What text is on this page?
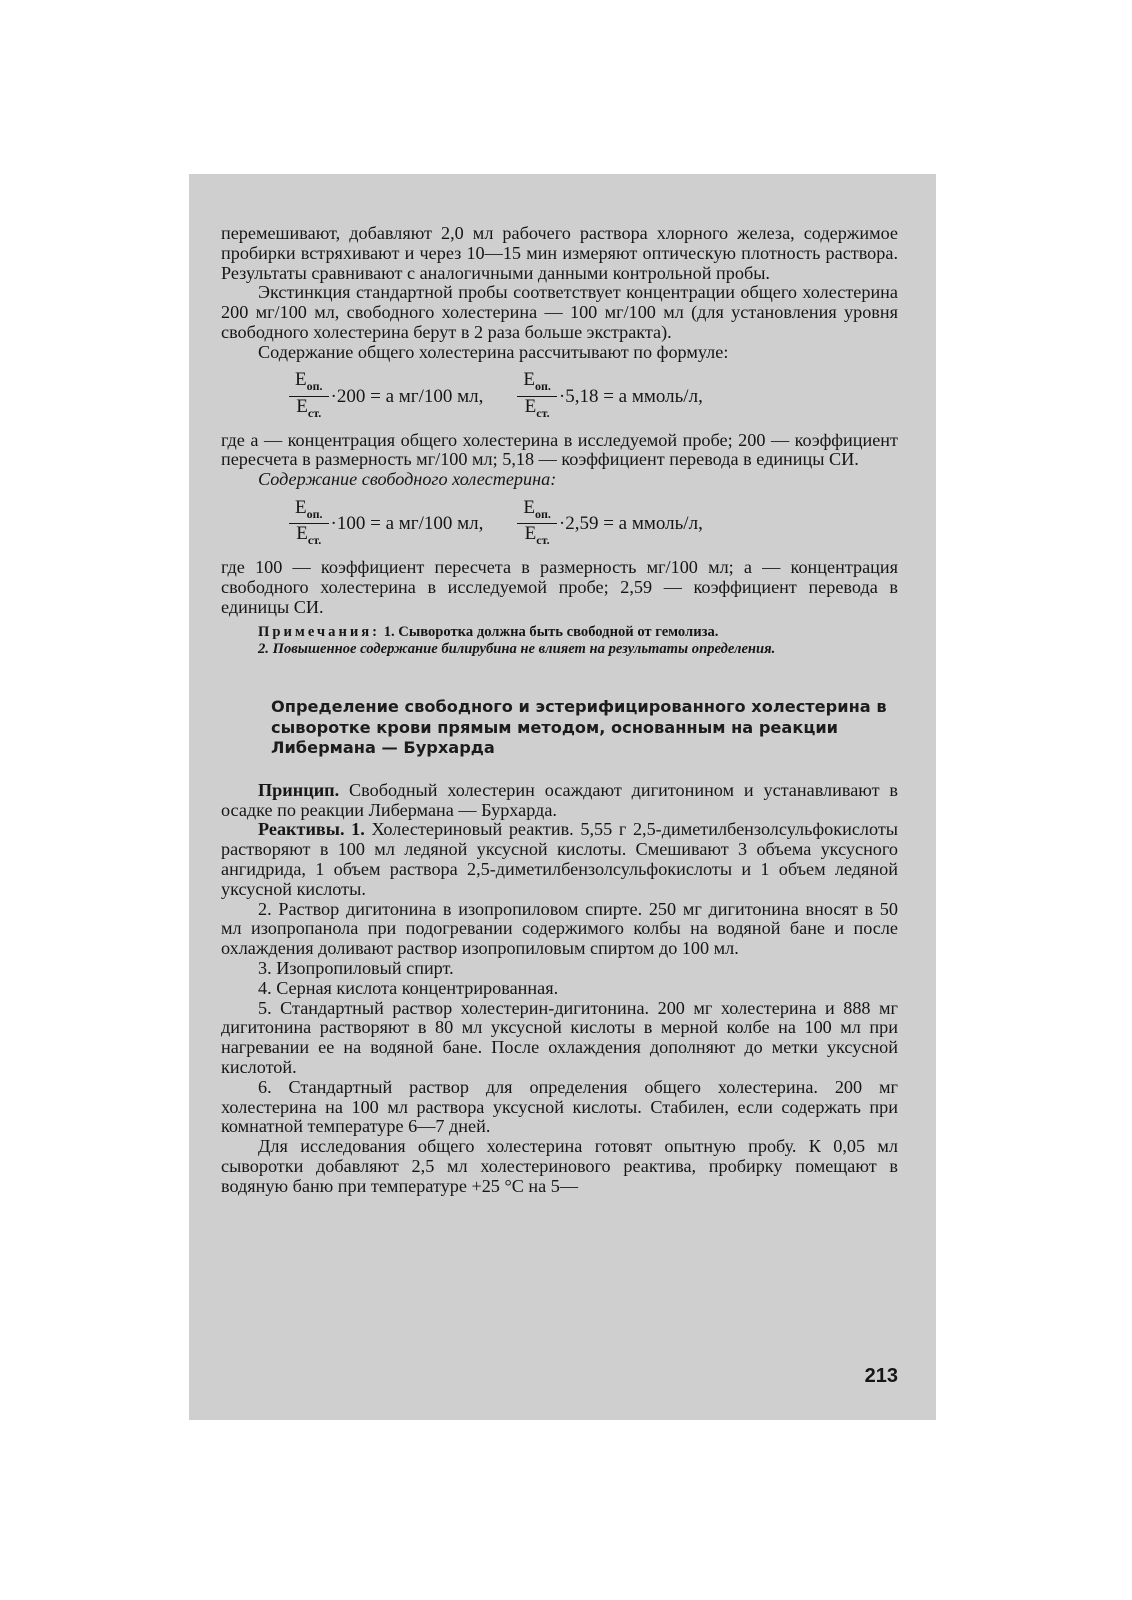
перемешивают, добавляют 2,0 мл рабочего раствора хлорного железа, содержимое пробирки встряхивают и через 10—15 мин измеряют оптическую плотность раствора. Результаты сравнивают с аналогичными данными контрольной пробы.

Экстинкция стандартной пробы соответствует концентрации общего холестерина 200 мг/100 мл, свободного холестерина — 100 мг/100 мл (для установления уровня свободного холестерина берут в 2 раза больше экстракта).

Содержание общего холестерина рассчитывают по формуле:

$\frac{E_{оп.}}{E_{ст.}} \cdot 200 = а$ мг/100 мл, $\frac{E_{оп.}}{E_{ст.}} \cdot 5,18 = а$ ммоль/л,

где а — концентрация общего холестерина в исследуемой пробе; 200 — коэффициент пересчета в размерность мг/100 мл; 5,18 — коэффициент перевода в единицы СИ.

Содержание свободного холестерина:

$\frac{E_{оп.}}{E_{ст.}} \cdot 100 = а$ мг/100 мл, $\frac{E_{оп.}}{E_{ст.}} \cdot 2,59 = а$ ммоль/л,

где 100 — коэффициент пересчета в размерность мг/100 мл; а — концентрация свободного холестерина в исследуемой пробе; 2,59 — коэффициент перевода в единицы СИ.

Примечания: 1. Сыворотка должна быть свободной от гемолиза.

2. Повышенное содержание билирубина не влияет на результаты определения.

Определение свободного и эстерифицированного холестерина в сыворотке крови прямым методом, основанным на реакции Либермана — Бурхарда

Принцип. Свободный холестерин осаждают дигитонином и устанавливают в осадке по реакции Либермана — Бурхарда.

Реактивы. 1. Холестериновый реактив. 5,55 г 2,5-диметилбензолсульфокислоты растворяют в 100 мл ледяной уксусной кислоты. Смешивают 3 объема уксусного ангидрида, 1 объем раствора 2,5-диметилбензолсульфокислоты и 1 объем ледяной уксусной кислоты.

2. Раствор дигитонина в изопропиловом спирте. 250 мг дигитонина вносят в 50 мл изопропанола при подогревании содержимого колбы на водяной бане и после охлаждения доливают раствор изопропиловым спиртом до 100 мл.

3. Изопропиловый спирт.

4. Серная кислота концентрированная.

5. Стандартный раствор холестерин-дигитонина. 200 мг холестерина и 888 мг дигитонина растворяют в 80 мл уксусной кислоты в мерной колбе на 100 мл при нагревании ее на водяной бане. После охлаждения дополняют до метки уксусной кислотой.

6. Стандартный раствор для определения общего холестерина. 200 мг холестерина на 100 мл раствора уксусной кислоты. Стабилен, если содержать при комнатной температуре 6—7 дней.

Для исследования общего холестерина готовят опытную пробу. К 0,05 мл сыворотки добавляют 2,5 мл холестеринового реактива, пробирку помещают в водяную баню при температуре +25 °С на 5—

213
